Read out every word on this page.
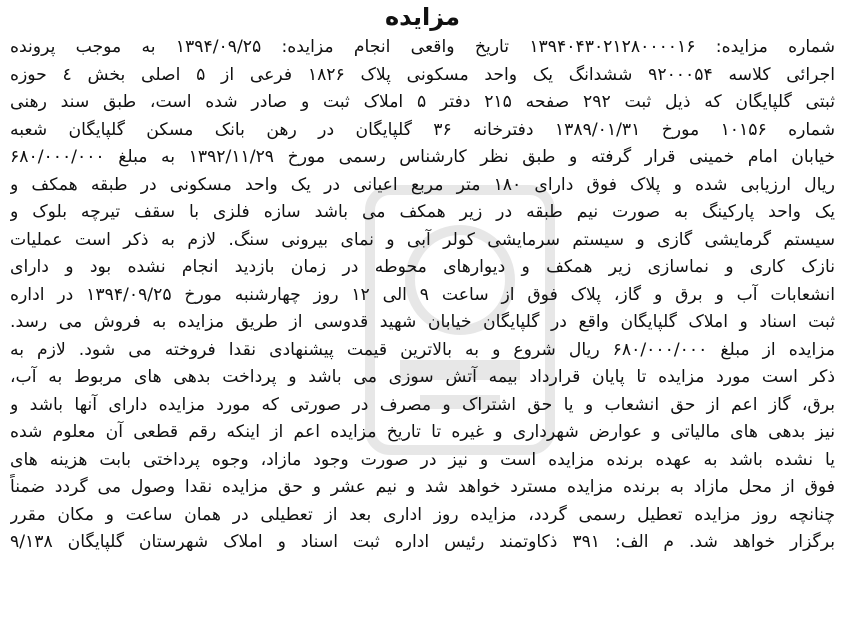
مزایده
شماره مزایده: ۱۳۹۴۰۴۳۰۲۱۲۸۰۰۰۰۱۶ تاریخ واقعی انجام مزایده: ۱۳۹۴/۰۹/۲۵ به موجب پرونده
اجرائی کلاسه ۹۲۰۰۰۵۴ ششدانگ یک واحد مسکونی پلاک ۱۸۲۶ فرعی از ۵ اصلی بخش ٤ حوزه
ثبتی گلپایگان که ذیل ثبت ۲۹۲ صفحه ۲۱۵ دفتر ۵ املاک ثبت و صادر شده است، طبق سند رهنی
شماره ۱۰۱۵۶ مورخ ۱۳۸۹/۰۱/۳۱ دفترخانه ۳۶ گلپایگان در رهن بانک مسکن گلپایگان شعبه
خیابان امام خمینی قرار گرفته و طبق نظر کارشناس رسمی مورخ ۱۳۹۲/۱۱/۲۹ به مبلغ ۶۸۰/۰۰۰/۰۰۰
ریال ارزیابی شده و پلاک فوق دارای ۱۸۰ متر مربع اعیانی در یک واحد مسکونی در طبقه همکف و
یک واحد پارکینگ به صورت نیم طبقه در زیر همکف می باشد سازه فلزی با سقف تیرچه بلوک و
سیستم گرمایشی گازی و سیستم سرمایشی کولر آبی و نمای بیرونی سنگ. لازم به ذکر است عملیات
نازک کاری و نماسازی زیر همکف و دیوارهای محوطه در زمان بازدید انجام نشده بود و دارای
انشعابات آب و برق و گاز، پلاک فوق از ساعت ۹ الی ۱۲ روز چهارشنبه مورخ ۱۳۹۴/۰۹/۲۵ در اداره
ثبت اسناد و املاک گلپایگان واقع در گلپایگان خیابان شهید قدوسی از طریق مزایده به فروش می رسد.
مزایده از مبلغ ۶۸۰/۰۰۰/۰۰۰ ریال شروع و به بالاترین قیمت پیشنهادی نقدا فروخته می شود. لازم به
ذکر است مورد مزایده تا پایان قرارداد بیمه آتش سوزی می باشد و پرداخت بدهی های مربوط به آب،
برق، گاز اعم از حق انشعاب و یا حق اشتراک و مصرف در صورتی که مورد مزایده دارای آنها باشد و
نیز بدهی های مالیاتی و عوارض شهرداری و غیره تا تاریخ مزایده اعم از اینکه رقم قطعی آن معلوم شده
یا نشده باشد به عهده برنده مزایده است و نیز در صورت وجود مازاد، وجوه پرداختی بابت هزینه های
فوق از محل مازاد به برنده مزایده مسترد خواهد شد و نیم عشر و حق مزایده نقدا وصول می گردد ضمناً
چنانچه روز مزایده تعطیل رسمی گردد، مزایده روز اداری بعد از تعطیلی در همان ساعت و مکان مقرر
برگزار خواهد شد. م الف: ۳۹۱ ذکاوتمند رئیس اداره ثبت اسناد و املاک شهرستان گلپایگان ۹/۱۳۸
